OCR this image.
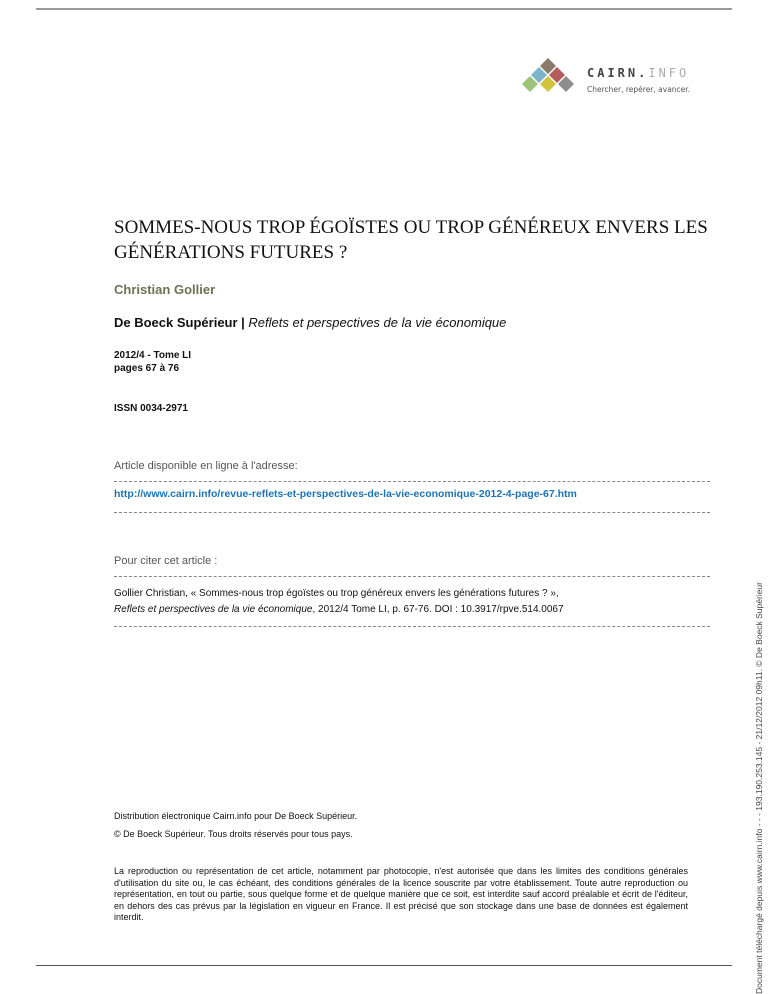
CAIRN.INFO
Chercher, repérer, avancer.
SOMMES-NOUS TROP ÉGOÏSTES OU TROP GÉNÉREUX ENVERS LES GÉNÉRATIONS FUTURES ?
Christian Gollier
De Boeck Supérieur | Reflets et perspectives de la vie économique
2012/4 - Tome LI
pages 67 à 76
ISSN 0034-2971
Article disponible en ligne à l'adresse:
http://www.cairn.info/revue-reflets-et-perspectives-de-la-vie-economique-2012-4-page-67.htm
Pour citer cet article :
Gollier Christian, « Sommes-nous trop égoïstes ou trop généreux envers les générations futures ? »,
Reflets et perspectives de la vie économique, 2012/4 Tome LI, p. 67-76. DOI : 10.3917/rpve.514.0067
Distribution électronique Cairn.info pour De Boeck Supérieur.
© De Boeck Supérieur. Tous droits réservés pour tous pays.

La reproduction ou représentation de cet article, notamment par photocopie, n'est autorisée que dans les limites des conditions générales d'utilisation du site ou, le cas échéant, des conditions générales de la licence souscrite par votre établissement. Toute autre reproduction ou représentation, en tout ou partie, sous quelque forme et de quelque manière que ce soit, est interdite sauf accord préalable et écrit de l'éditeur, en dehors des cas prévus par la législation en vigueur en France. Il est précisé que son stockage dans une base de données est également interdit.	Document téléchargé depuis www.cairn.info - - - 193.190.253.145 - 21/12/2012 09h11. © De Boeck Supérieur
